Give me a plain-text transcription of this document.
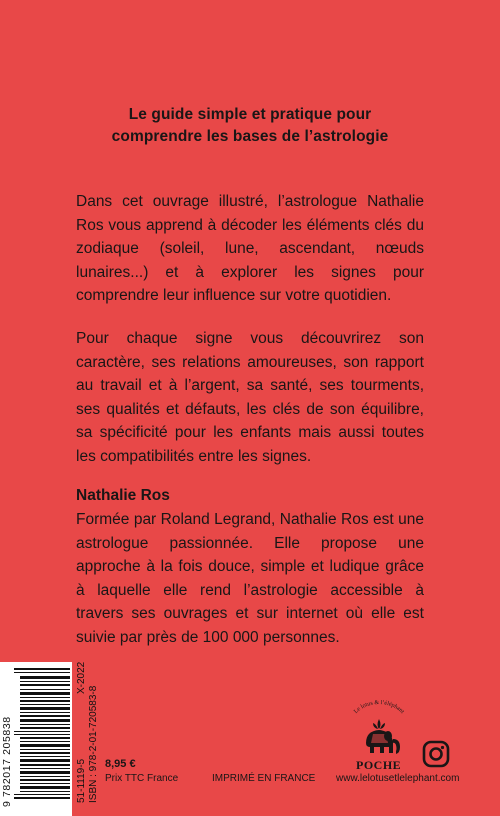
Le guide simple et pratique pour
comprendre les bases de l’astrologie

Dans cet ouvrage illustré, l’astrologue Nathalie Ros vous apprend à décoder les éléments clés du zodiaque (soleil, lune, ascendant, nœuds lunaires...) et à explorer les signes pour comprendre leur influence sur votre quotidien.

Pour chaque signe vous découvrirez son caractère, ses relations amoureuses, son rapport au travail et à l’argent, sa santé, ses tourments, ses qualités et défauts, les clés de son équilibre, sa spécificité pour les enfants mais aussi toutes les compatibilités entre les signes.

Nathalie Ros

Formée par Roland Legrand, Nathalie Ros est une astrologue passionnée. Elle propose une approche à la fois douce, simple et ludique grâce à laquelle elle rend l’astrologie accessible à travers ses ouvrages et sur internet où elle est suivie par près de 100 000 personnes.

9 782017 205838	51-1119-5
X-2022
ISBN : 978-2-01-720583-8 8,95 €
Prix TTC France	IMPRIMÉ EN FRANCE
Le lotus & l’éléphant
POCHE
www.lelotusetlelephant.com
